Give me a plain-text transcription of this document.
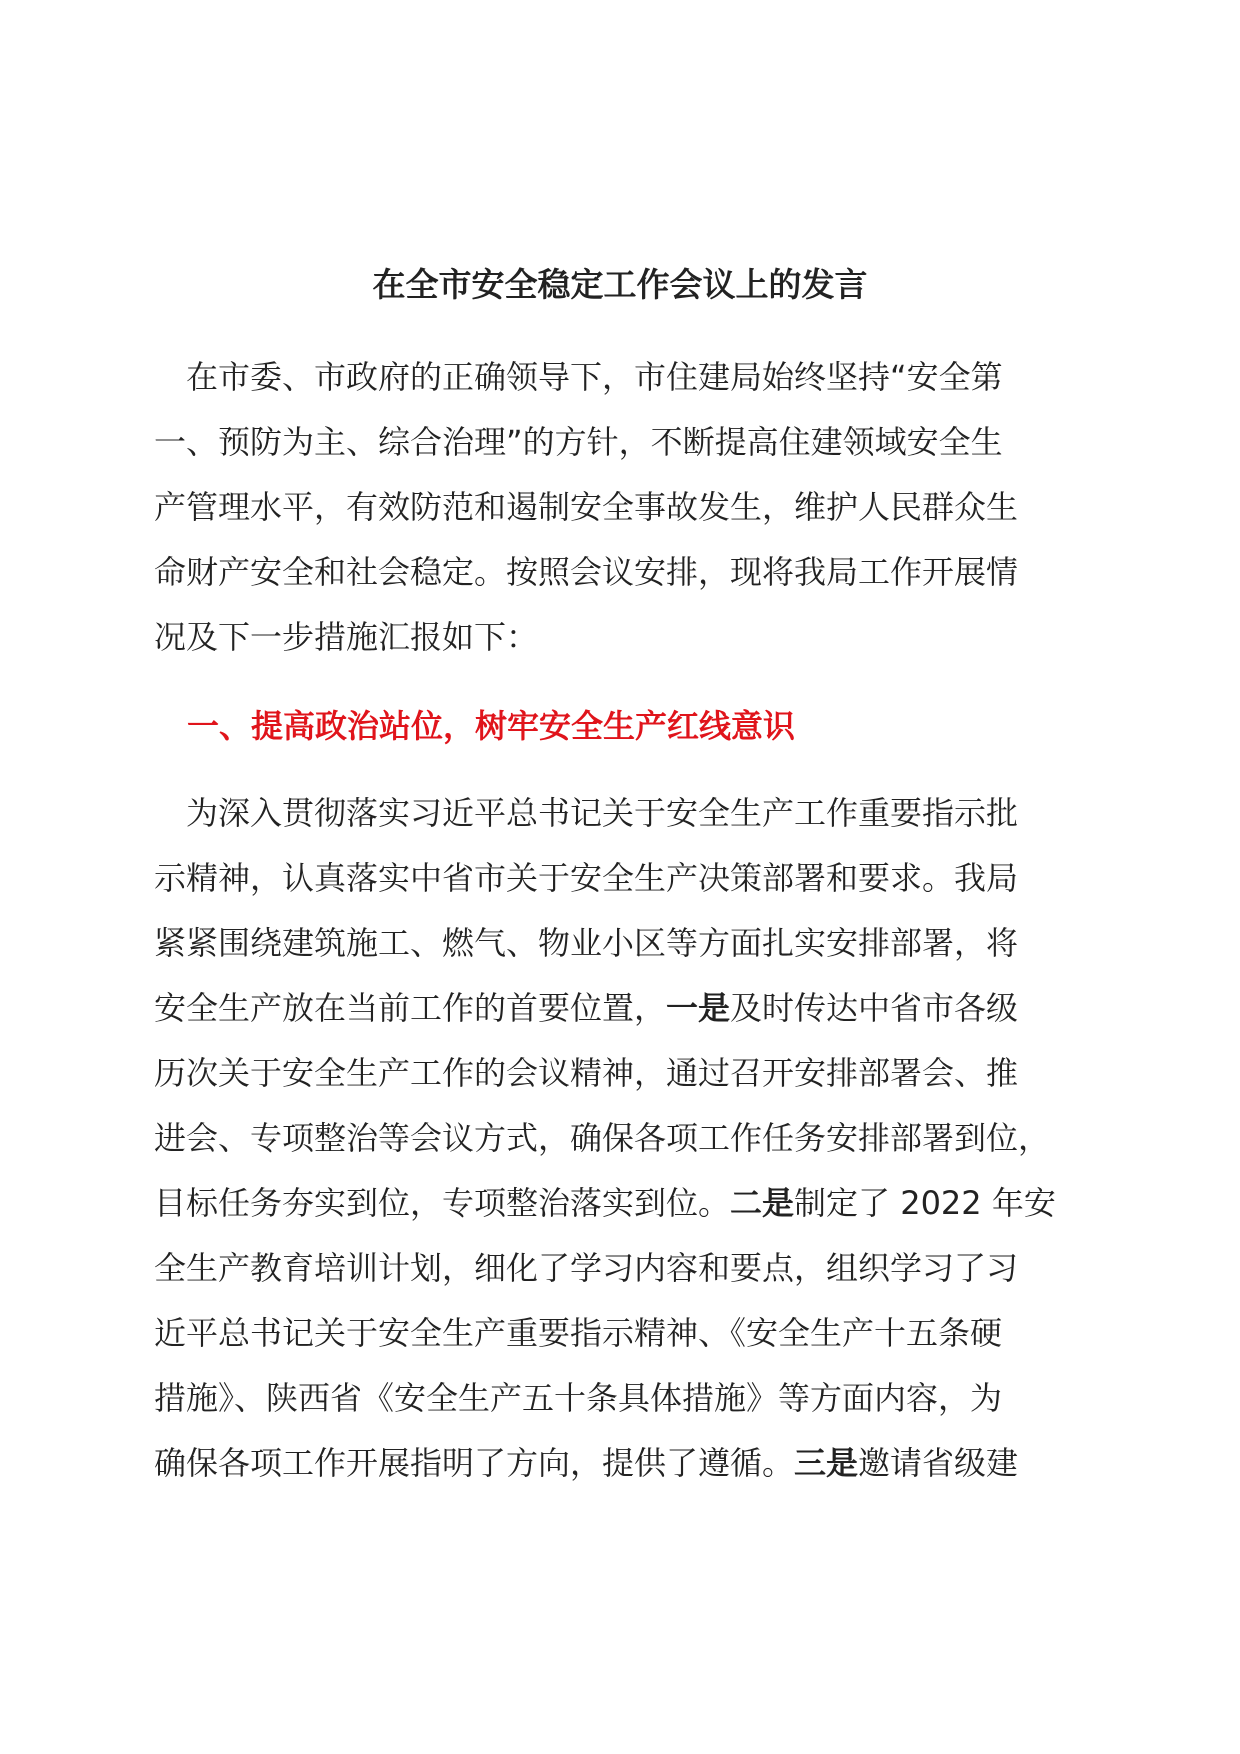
在全市安全稳定工作会议上的发言
在市委、市政府的正确领导下，市住建局始终坚持“安全第
一、预防为主、综合治理”的方针，不断提高住建领域安全生
产管理水平，有效防范和遏制安全事故发生，维护人民群众生
命财产安全和社会稳定。按照会议安排，现将我局工作开展情
况及下一步措施汇报如下：
一、提高政治站位，树牢安全生产红线意识
为深入贯彻落实习近平总书记关于安全生产工作重要指示批
示精神，认真落实中省市关于安全生产决策部署和要求。我局
紧紧围绕建筑施工、燃气、物业小区等方面扎实安排部署，将
安全生产放在当前工作的首要位置，一是及时传达中省市各级
历次关于安全生产工作的会议精神，通过召开安排部署会、推
进会、专项整治等会议方式，确保各项工作任务安排部署到位，
目标任务夯实到位，专项整治落实到位。二是制定了 2022 年安
全生产教育培训计划，细化了学习内容和要点，组织学习了习
近平总书记关于安全生产重要指示精神、《安全生产十五条硬
措施》、陕西省《安全生产五十条具体措施》等方面内容，为
确保各项工作开展指明了方向，提供了遵循。三是邀请省级建
